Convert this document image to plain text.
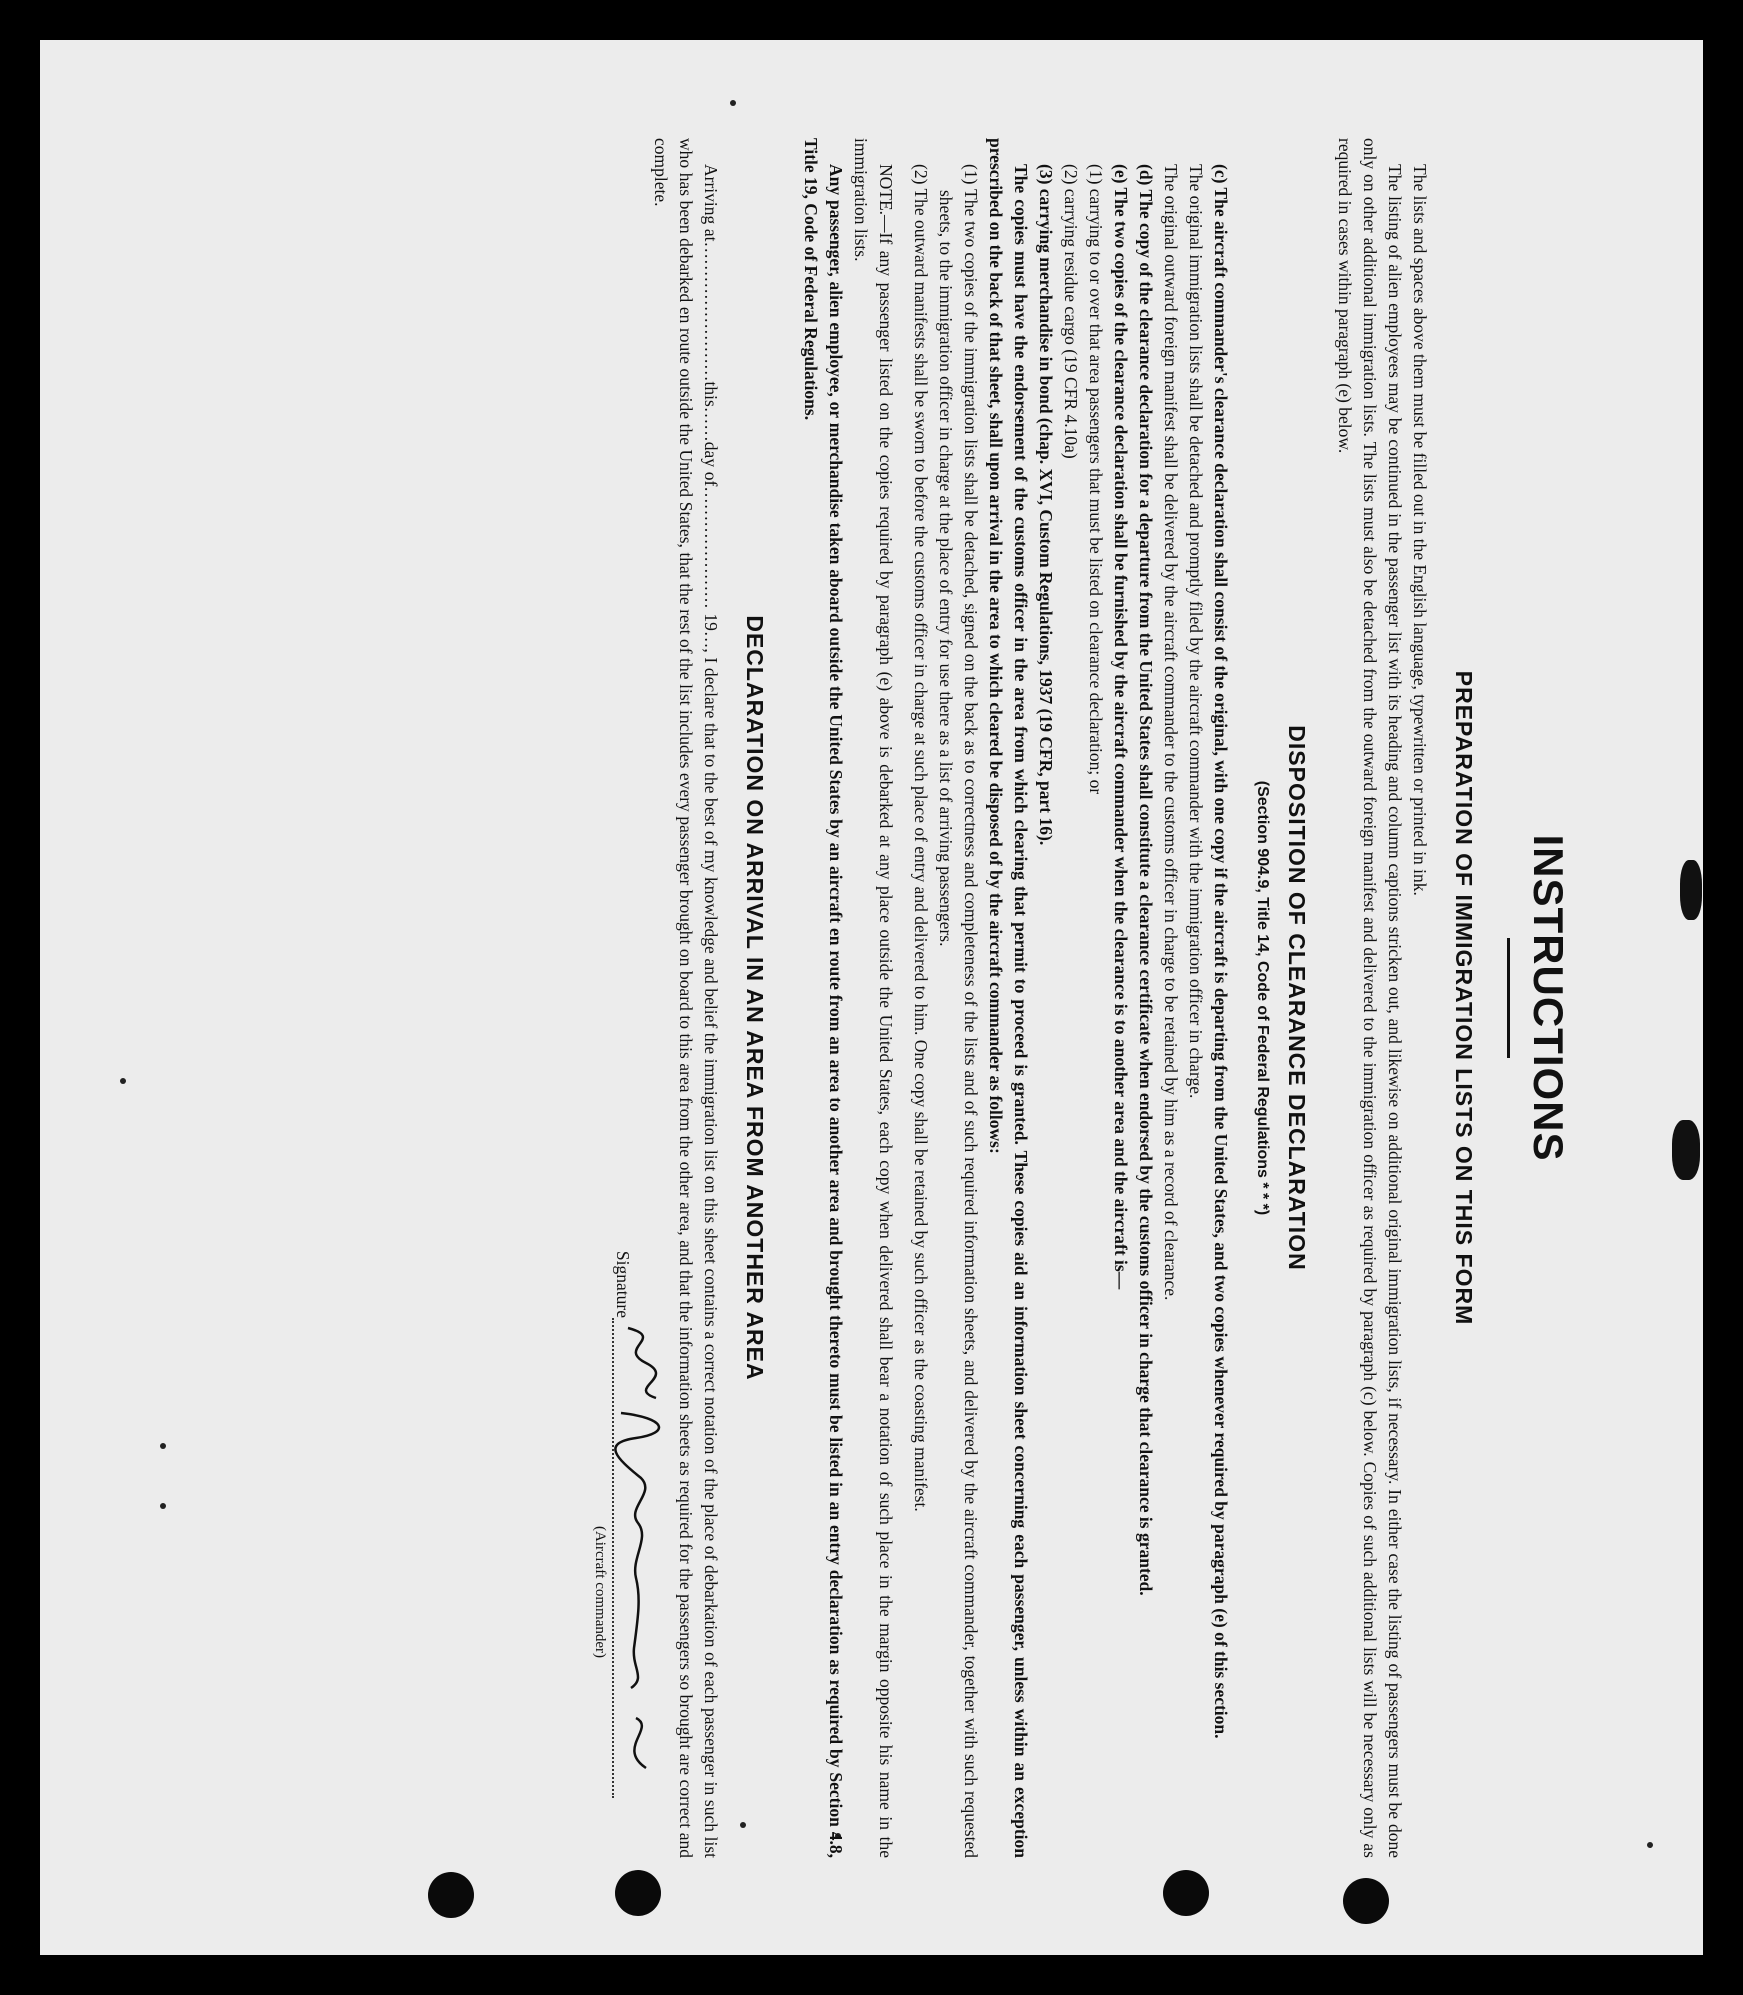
INSTRUCTIONS
PREPARATION OF IMMIGRATION LISTS ON THIS FORM

The lists and spaces above them must be filled out in the English language, typewritten or printed in ink.

The listing of alien employees may be continued in the passenger list with its heading and column captions stricken out, and likewise on additional original immigration lists, if necessary. In either case the listing of passengers must be done only on other additional immigration lists. The lists must also be detached from the outward foreign manifest and delivered to the immigration officer as required by paragraph (c) below. Copies of such additional lists will be necessary only as required in cases within paragraph (e) below.

DISPOSITION OF CLEARANCE DECLARATION
(Section 904.9, Title 14, Code of Federal Regulations * * *)

(c) The aircraft commander's clearance declaration shall consist of the original, with one copy if the aircraft is departing from the United States, and two copies whenever required by paragraph (e) of this section.

The original immigration lists shall be detached and promptly filed by the aircraft commander with the immigration officer in charge.

The original outward foreign manifest shall be delivered by the aircraft commander to the customs officer in charge to be retained by him as a record of clearance.

(d) The copy of the clearance declaration for a departure from the United States shall constitute a clearance certificate when endorsed by the customs officer in charge that clearance is granted.

(e) The two copies of the clearance declaration shall be furnished by the aircraft commander when the clearance is to another area and the aircraft is—

(1) carrying to or over that area passengers that must be listed on clearance declaration; or

(2) carrying residue cargo (19 CFR 4.10a)

(3) carrying merchandise in bond (chap. XVI, Custom Regulations, 1937 (19 CFR, part 16).

The copies must have the endorsement of the customs officer in the area from which clearing that permit to proceed is granted. These copies aid an information sheet concerning each passenger, unless within an exception prescribed on the back of that sheet, shall upon arrival in the area to which cleared be disposed of by the aircraft commander as follows:

(1) The two copies of the immigration lists shall be detached, signed on the back as to correctness and completeness of the lists and of such required information sheets, and delivered by the aircraft commander, together with such requested sheets, to the immigration officer in charge at the place of entry for use there as a list of arriving passengers.

(2) The outward manifests shall be sworn to before the customs officer in charge at such place of entry and delivered to him. One copy shall be retained by such officer as the coasting manifest.

NOTE.—If any passenger listed on the copies required by paragraph (e) above is debarked at any place outside the United States, each copy when delivered shall bear a notation of such place in the margin opposite his name in the immigration lists.

Any passenger, alien employee, or merchandise taken aboard outside the United States by an aircraft en route from an area to another area and brought thereto must be listed in an entry declaration as required by Section 4.8, Title 19, Code of Federal Regulations.

DECLARATION ON ARRIVAL IN AN AREA FROM ANOTHER AREA

Arriving at……………………this……day of………………… 19…, I declare that to the best of my knowledge and belief the immigration list on this sheet contains a correct notation of the place of debarkation of each passenger in such list who has been debarked en route outside the United States, that the rest of the list includes every passenger brought on board to this area from the other area, and that the information sheets as required for the passengers so brought are correct and complete.

Signature
(Aircraft commander)
